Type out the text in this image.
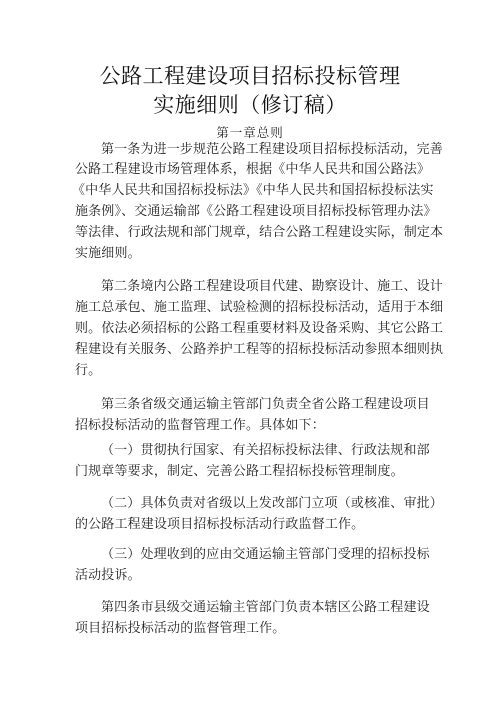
公路工程建设项目招标投标管理
实施细则（修订稿）
第一章总则
第一条为进一步规范公路工程建设项目招标投标活动，完善
公路工程建设市场管理体系，根据《中华人民共和国公路法》
《中华人民共和国招标投标法》《中华人民共和国招标投标法实
施条例》、交通运输部《公路工程建设项目招标投标管理办法》
等法律、行政法规和部门规章，结合公路工程建设实际，制定本
实施细则。
第二条境内公路工程建设项目代建、勘察设计、施工、设计
施工总承包、施工监理、试验检测的招标投标活动，适用于本细
则。依法必须招标的公路工程重要材料及设备采购、其它公路工
程建设有关服务、公路养护工程等的招标投标活动参照本细则执
行。
第三条省级交通运输主管部门负责全省公路工程建设项目
招标投标活动的监督管理工作。具体如下：
（一）贯彻执行国家、有关招标投标法律、行政法规和部
门规章等要求，制定、完善公路工程招标投标管理制度。
（二）具体负责对省级以上发改部门立项（或核准、审批）
的公路工程建设项目招标投标活动行政监督工作。
（三）处理收到的应由交通运输主管部门受理的招标投标
活动投诉。
第四条市县级交通运输主管部门负责本辖区公路工程建设
项目招标投标活动的监督管理工作。
